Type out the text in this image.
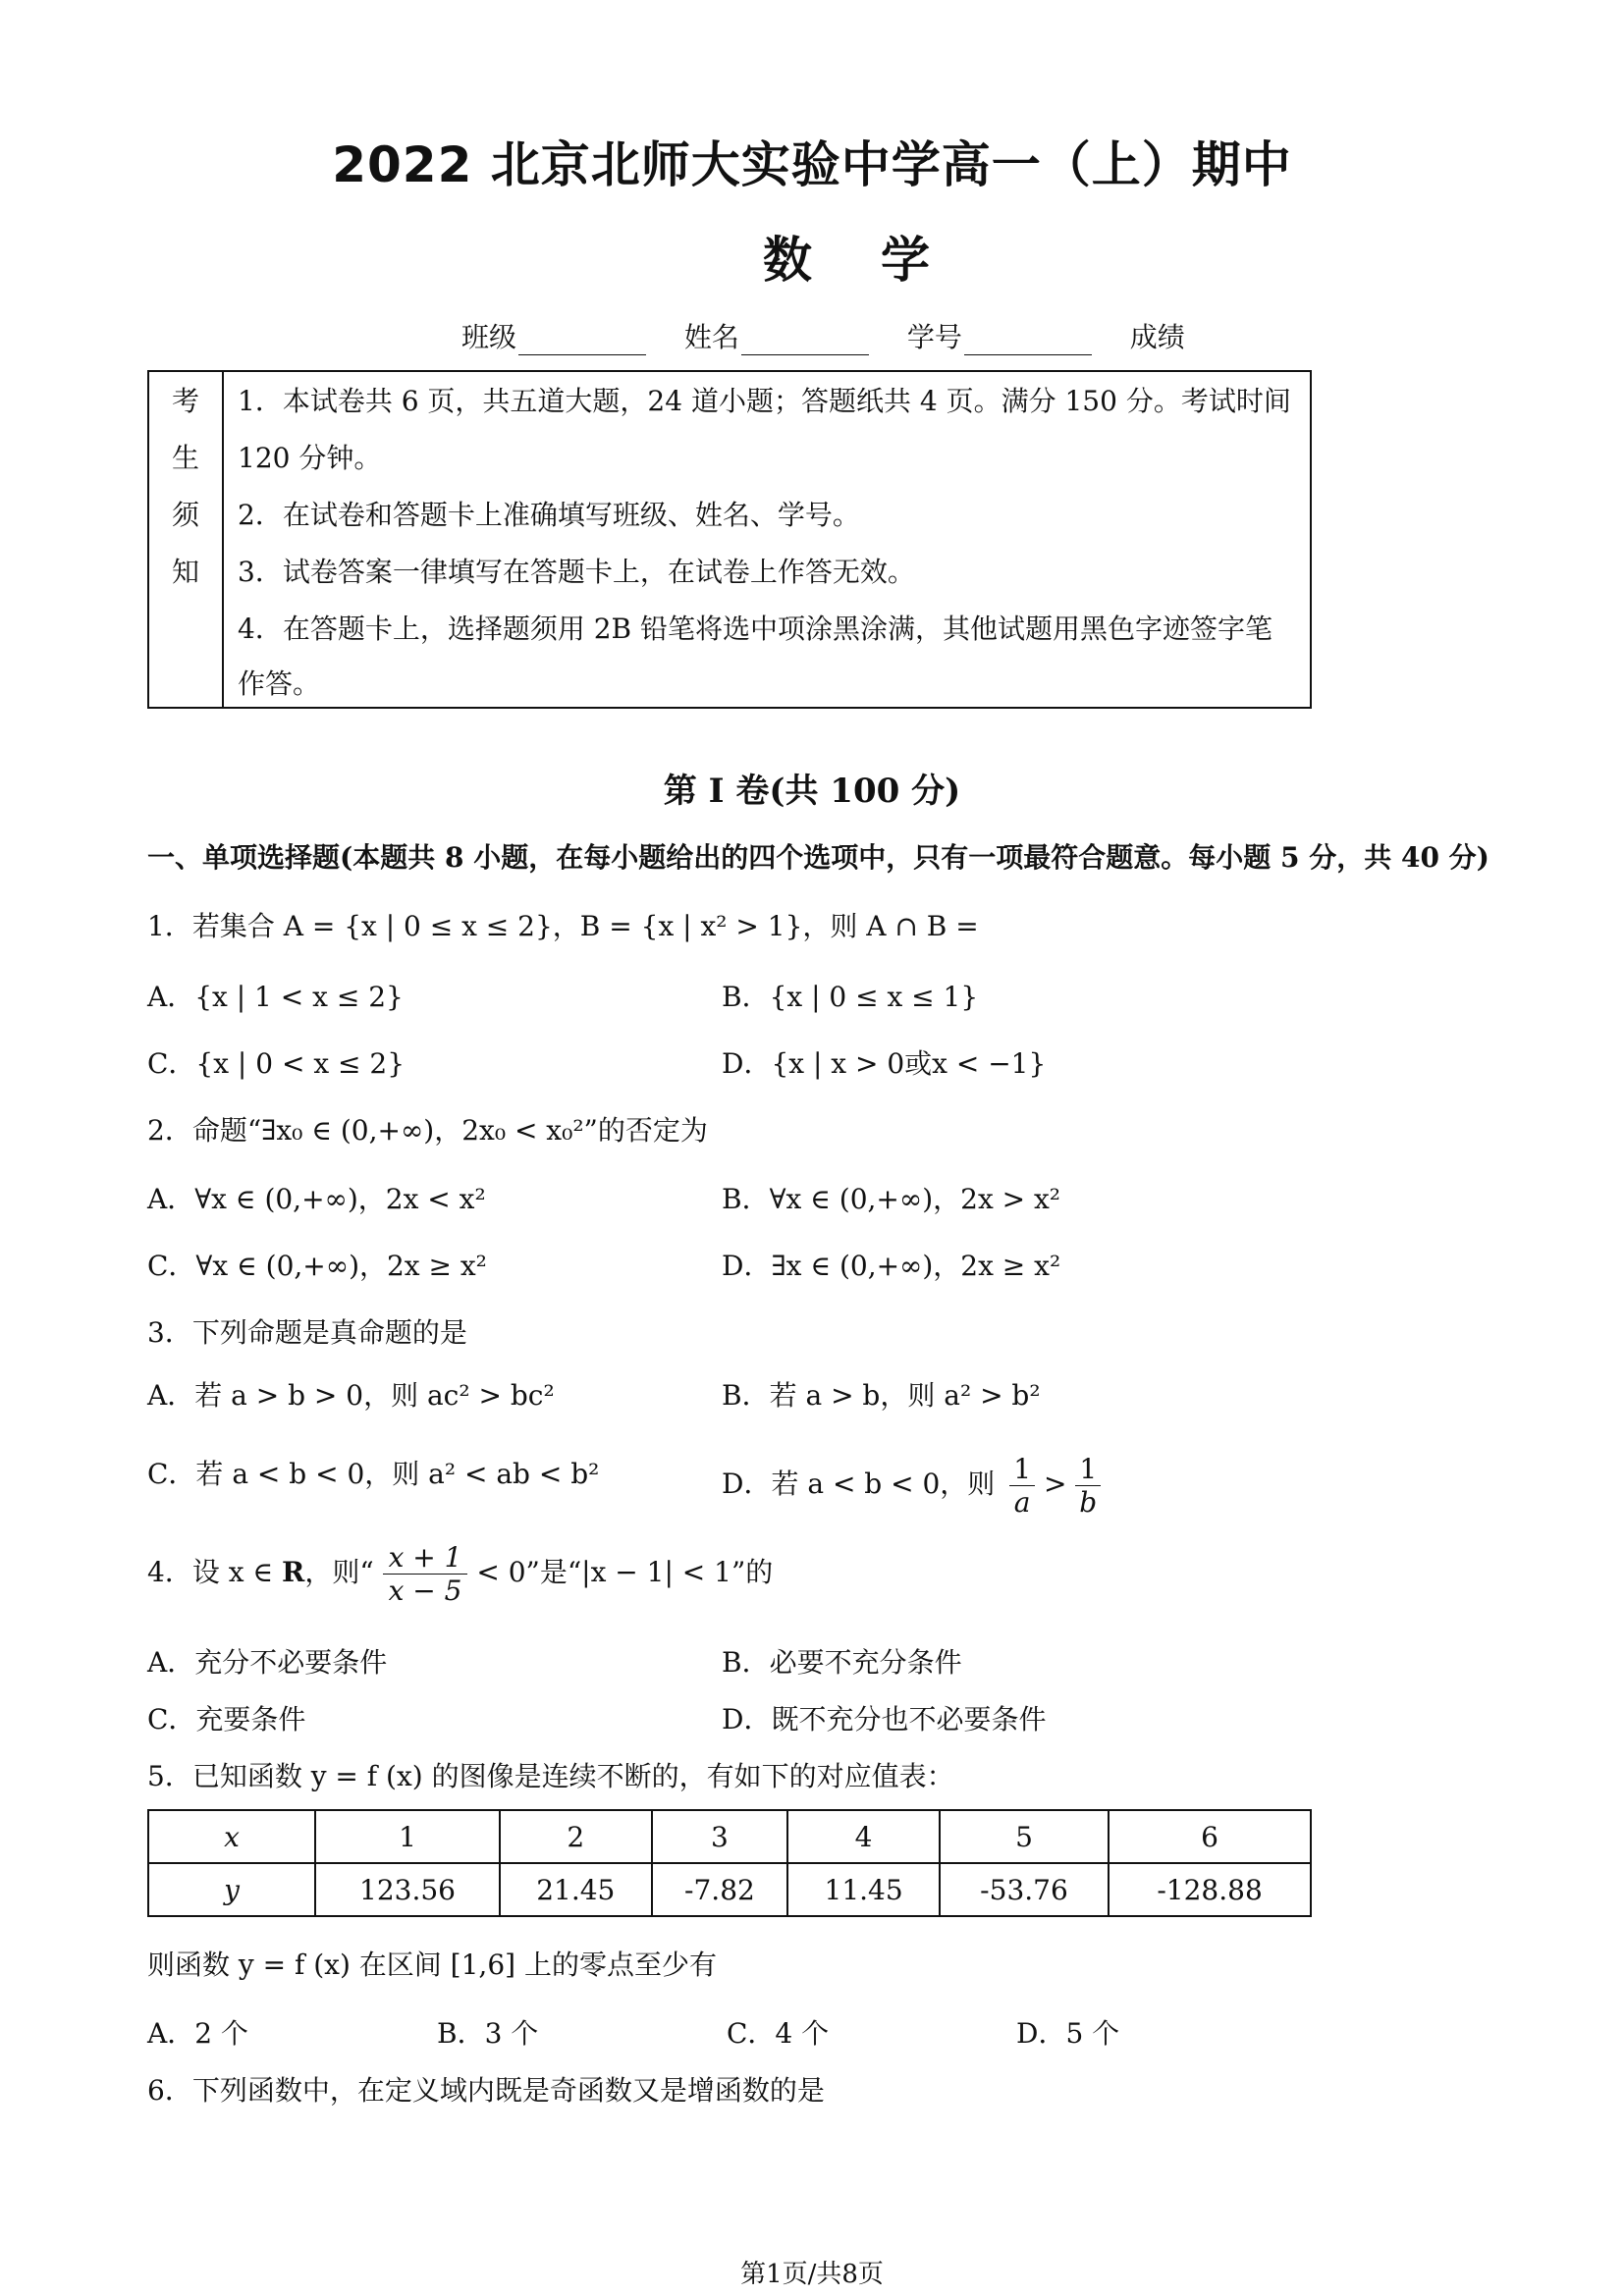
2022 北京北师大实验中学高一（上）期中
数学
班级	姓名	学号	成绩
考
生
须
知
1．本试卷共 6 页，共五道大题，24 道小题；答题纸共 4 页。满分 150 分。考试时间
120 分钟。
2．在试卷和答题卡上准确填写班级、姓名、学号。
3．试卷答案一律填写在答题卡上，在试卷上作答无效。
4．在答题卡上，选择题须用 2B 铅笔将选中项涂黑涂满，其他试题用黑色字迹签字笔
作答。
第 I 卷(共 100 分)
一、单项选择题(本题共 8 小题，在每小题给出的四个选项中，只有一项最符合题意。每小题 5 分，共 40 分)
1．若集合 A = {x | 0 ≤ x ≤ 2}，B = {x | x² > 1}，则 A ∩ B =
A．{x | 1 < x ≤ 2}	B．{x | 0 ≤ x ≤ 1}
C．{x | 0 < x ≤ 2}	D．{x | x > 0或x < −1}
2．命题“∃x₀ ∈ (0,+∞)，2x₀ < x₀²”的否定为
A．∀x ∈ (0,+∞)，2x < x²	B．∀x ∈ (0,+∞)，2x > x²
C．∀x ∈ (0,+∞)，2x ≥ x²	D．∃x ∈ (0,+∞)，2x ≥ x²
3．下列命题是真命题的是
A．若 a > b > 0，则 ac² > bc²	B．若 a > b，则 a² > b²
C．若 a < b < 0，则 a² < ab < b²	D．若 a < b < 0，则 $\frac{1}{a} > \frac{1}{b}$
4．设 x ∈ R，则“ $\frac{x + 1}{x - 5} < 0$”是“|x − 1| < 1”的
A．充分不必要条件	B．必要不充分条件
C．充要条件	D．既不充分也不必要条件
5．已知函数 y = f (x) 的图像是连续不断的，有如下的对应值表：
x	1	2	3	4	5	6
y	123.56	21.45	-7.82	11.45	-53.76	-128.88
则函数 y = f (x) 在区间 [1,6] 上的零点至少有
A．2 个	B．3 个	C．4 个	D．5 个
6．下列函数中，在定义域内既是奇函数又是增函数的是
第1页/共8页
